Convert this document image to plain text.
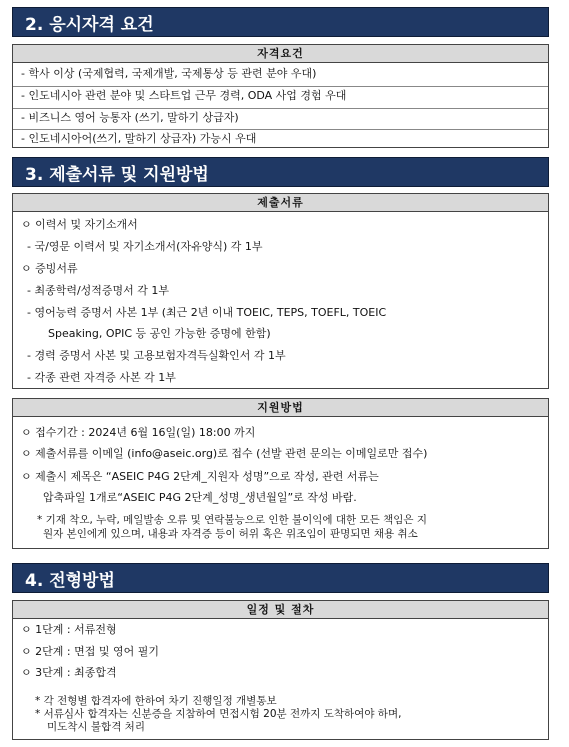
2. 응시자격 요건
자격요건
- 학사 이상 (국제협력, 국제개발, 국제통상 등 관련 분야 우대)
- 인도네시아 관련 분야 및 스타트업 근무 경력, ODA 사업 경험 우대
- 비즈니스 영어 능통자 (쓰기, 말하기 상급자)
- 인도네시아어(쓰기, 말하기 상급자) 가능시 우대
3. 제출서류 및 지원방법
제출서류
ㅇ 이력서 및 자기소개서
- 국/영문 이력서 및 자기소개서(자유양식) 각 1부
ㅇ 증빙서류
- 최종학력/성적증명서 각 1부
- 영어능력 증명서 사본 1부 (최근 2년 이내 TOEIC, TEPS, TOEFL, TOEIC
Speaking, OPIC 등 공인 가능한 증명에 한함)
- 경력 증명서 사본 및 고용보험자격득실확인서 각 1부
- 각종 관련 자격증 사본 각 1부
지원방법
ㅇ 접수기간 : 2024년 6월 16일(일) 18:00 까지
ㅇ 제출서류를 이메일 (info@aseic.org)로 접수 (선발 관련 문의는 이메일로만 접수)
ㅇ 제출시 제목은 “ASEIC P4G 2단계_지원자 성명”으로 작성, 관련 서류는
압축파일 1개로“ASEIC P4G 2단계_성명_생년월일”로 작성 바람.
* 기재 착오, 누락, 메일발송 오류 및 연락불능으로 인한 불이익에 대한 모든 책임은 지
원자 본인에게 있으며, 내용과 자격증 등이 허위 혹은 위조임이 판명되면 채용 취소
4. 전형방법
일정 및 절차
ㅇ 1단계 : 서류전형
ㅇ 2단계 : 면접 및 영어 필기
ㅇ 3단계 : 최종합격
* 각 전형별 합격자에 한하여 차기 진행일정 개별통보
* 서류심사 합격자는 신분증을 지참하여 면접시험 20분 전까지 도착하여야 하며,
미도착시 불합격 처리
